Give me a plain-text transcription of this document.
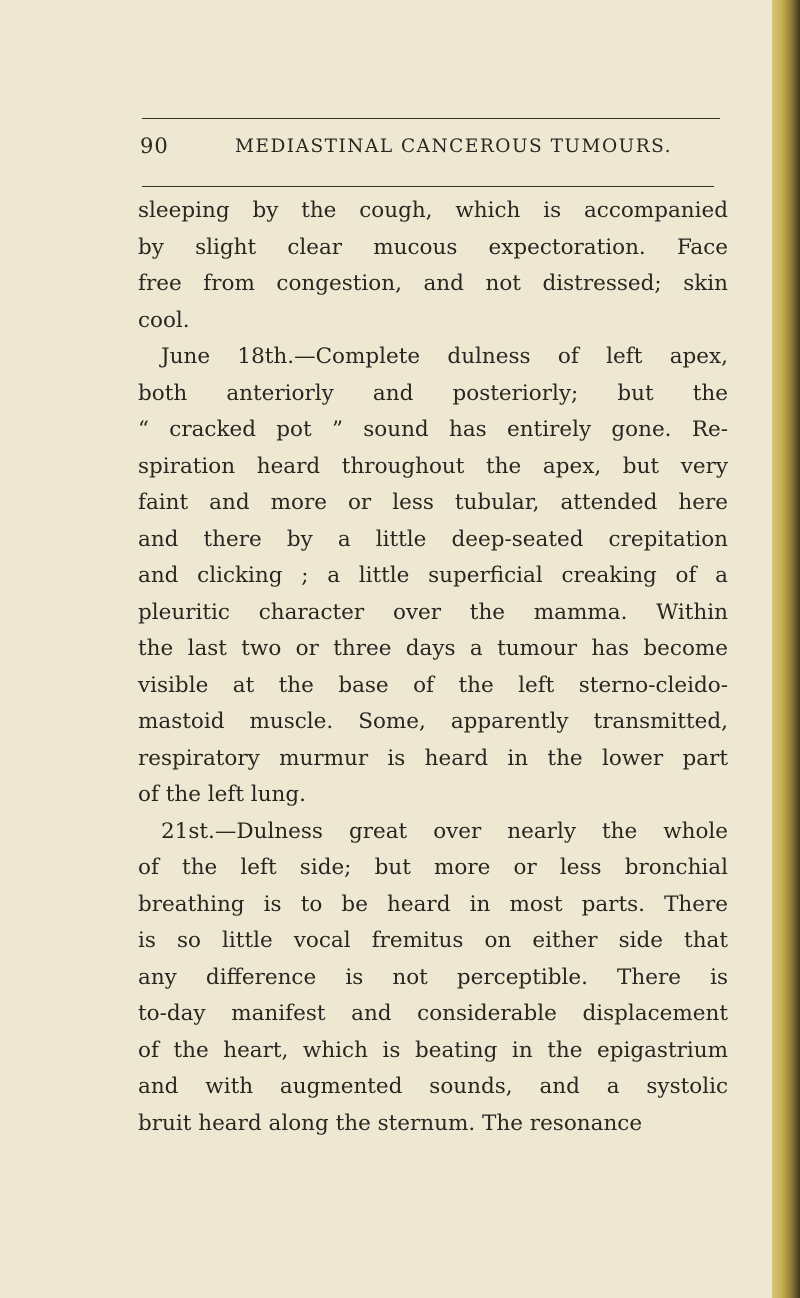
90	MEDIASTINAL CANCEROUS TUMOURS.
sleeping by the cough, which is accompanied
by slight clear mucous expectoration. Face
free from congestion, and not distressed; skin
cool.
June 18th.—Complete dulness of left apex,
both anteriorly and posteriorly; but the
“ cracked pot ” sound has entirely gone. Re-
spiration heard throughout the apex, but very
faint and more or less tubular, attended here
and there by a little deep-seated crepitation
and clicking ; a little superficial creaking of a
pleuritic character over the mamma. Within
the last two or three days a tumour has become
visible at the base of the left sterno-cleido-
mastoid muscle. Some, apparently transmitted,
respiratory murmur is heard in the lower part
of the left lung.
21st.—Dulness great over nearly the whole
of the left side; but more or less bronchial
breathing is to be heard in most parts. There
is so little vocal fremitus on either side that
any difference is not perceptible. There is
to-day manifest and considerable displacement
of the heart, which is beating in the epigastrium
and with augmented sounds, and a systolic
bruit heard along the sternum. The resonance
